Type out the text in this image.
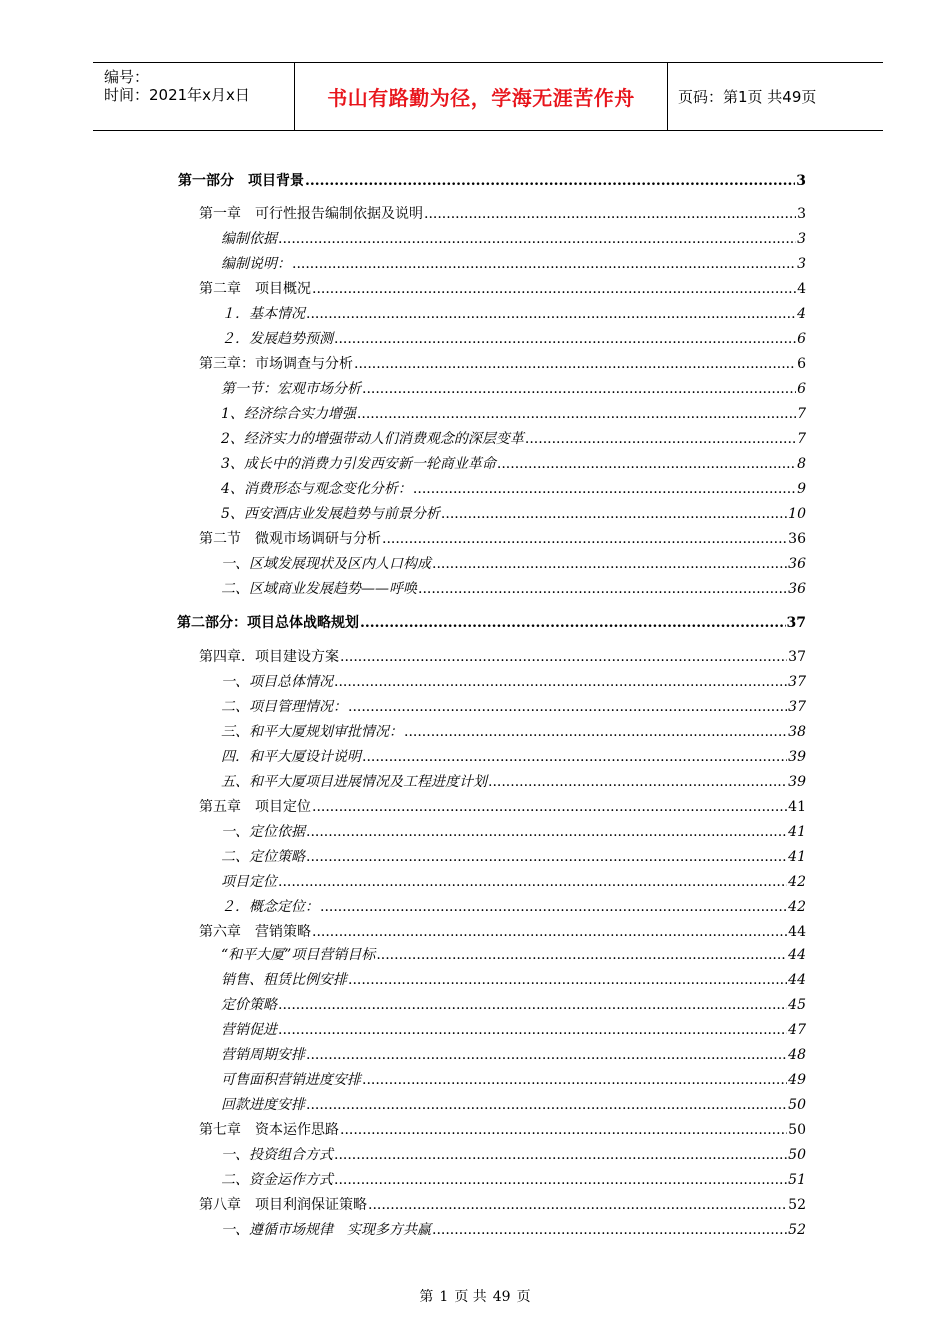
编号：
时间：2021年x月x日	书山有路勤为径，学海无涯苦作舟	页码：第1页 共49页
第一部分　项目背景 .....	3
第一章　可行性报告编制依据及说明 .....	3
编制依据 .....	3
编制说明： .....	3
第二章　项目概况 .....	4
１．基本情况 .....	4
２．发展趋势预测 .....	6
第三章：市场调查与分析 .....	6
第一节：宏观市场分析 .....	6
1、经济综合实力增强 .....	7
2、经济实力的增强带动人们消费观念的深层变革 .....	7
3、成长中的消费力引发西安新一轮商业革命 .....	8
4、消费形态与观念变化分析： .....	9
5、西安酒店业发展趋势与前景分析 .....	10
第二节　微观市场调研与分析 .....	36
一、区域发展现状及区内人口构成 .....	36
二、区域商业发展趋势——呼唤 .....	36
第二部分：项目总体战略规划 .....	37
第四章．项目建设方案 .....	37
一、项目总体情况 .....	37
二、项目管理情况： .....	37
三、和平大厦规划审批情况： .....	38
四．和平大厦设计说明 .....	39
五、和平大厦项目进展情况及工程进度计划 .....	39
第五章　项目定位 .....	41
一、定位依据 .....	41
二、定位策略 .....	41
项目定位 .....	42
２．概念定位： .....	42
第六章　营销策略 .....	44
“和平大厦”项目营销目标 .....	44
销售、租赁比例安排 .....	44
定价策略 .....	45
营销促进 .....	47
营销周期安排 .....	48
可售面积营销进度安排 .....	49
回款进度安排 .....	50
第七章　资本运作思路 .....	50
一、投资组合方式 .....	50
二、资金运作方式 .....	51
第八章　项目利润保证策略 .....	52
一、遵循市场规律　实现多方共赢 .....	52
第 1 页 共 49 页
